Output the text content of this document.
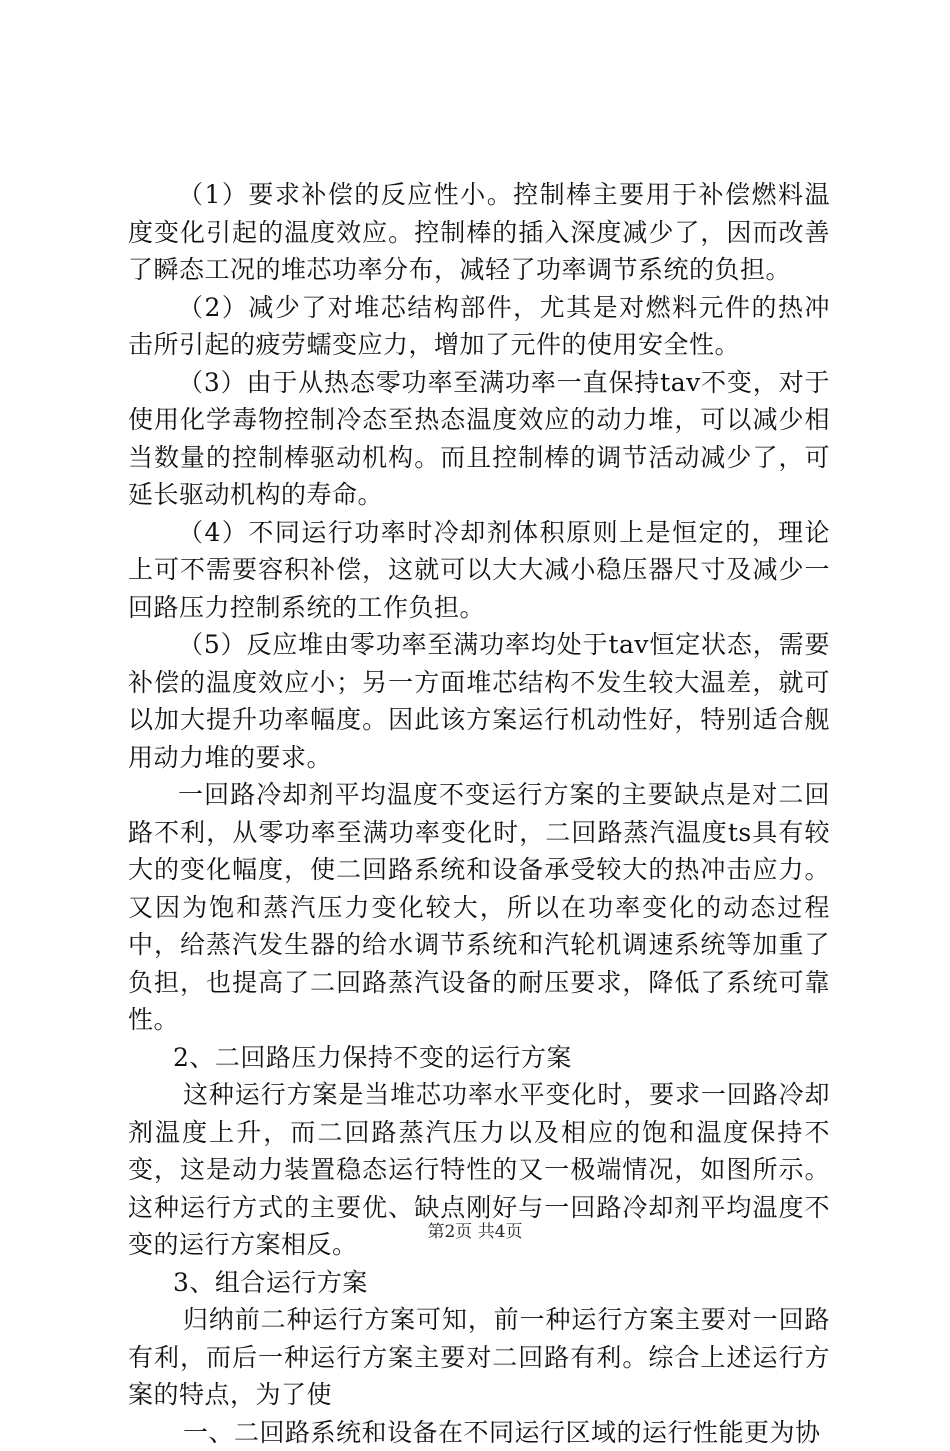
（1）要求补偿的反应性小。控制棒主要用于补偿燃料温度变化引起的温度效应。控制棒的插入深度减少了，因而改善了瞬态工况的堆芯功率分布，减轻了功率调节系统的负担。

（2）减少了对堆芯结构部件，尤其是对燃料元件的热冲击所引起的疲劳蠕变应力，增加了元件的使用安全性。

（3）由于从热态零功率至满功率一直保持tav不变，对于使用化学毒物控制冷态至热态温度效应的动力堆，可以减少相当数量的控制棒驱动机构。而且控制棒的调节活动减少了，可延长驱动机构的寿命。

（4）不同运行功率时冷却剂体积原则上是恒定的，理论上可不需要容积补偿，这就可以大大减小稳压器尺寸及减少一回路压力控制系统的工作负担。

（5）反应堆由零功率至满功率均处于tav恒定状态，需要补偿的温度效应小；另一方面堆芯结构不发生较大温差，就可以加大提升功率幅度。因此该方案运行机动性好，特别适合舰用动力堆的要求。

一回路冷却剂平均温度不变运行方案的主要缺点是对二回路不利，从零功率至满功率变化时，二回路蒸汽温度ts具有较大的变化幅度，使二回路系统和设备承受较大的热冲击应力。又因为饱和蒸汽压力变化较大，所以在功率变化的动态过程中，给蒸汽发生器的给水调节系统和汽轮机调速系统等加重了负担，也提高了二回路蒸汽设备的耐压要求，降低了系统可靠性。

2、二回路压力保持不变的运行方案

这种运行方案是当堆芯功率水平变化时，要求一回路冷却剂温度上升，而二回路蒸汽压力以及相应的饱和温度保持不变，这是动力装置稳态运行特性的又一极端情况，如图所示。这种运行方式的主要优、缺点刚好与一回路冷却剂平均温度不变的运行方案相反。

3、组合运行方案

归纳前二种运行方案可知，前一种运行方案主要对一回路有利，而后一种运行方案主要对二回路有利。综合上述运行方案的特点，为了使

一、二回路系统和设备在不同运行区域的运行性能更为协

第2页 共4页
